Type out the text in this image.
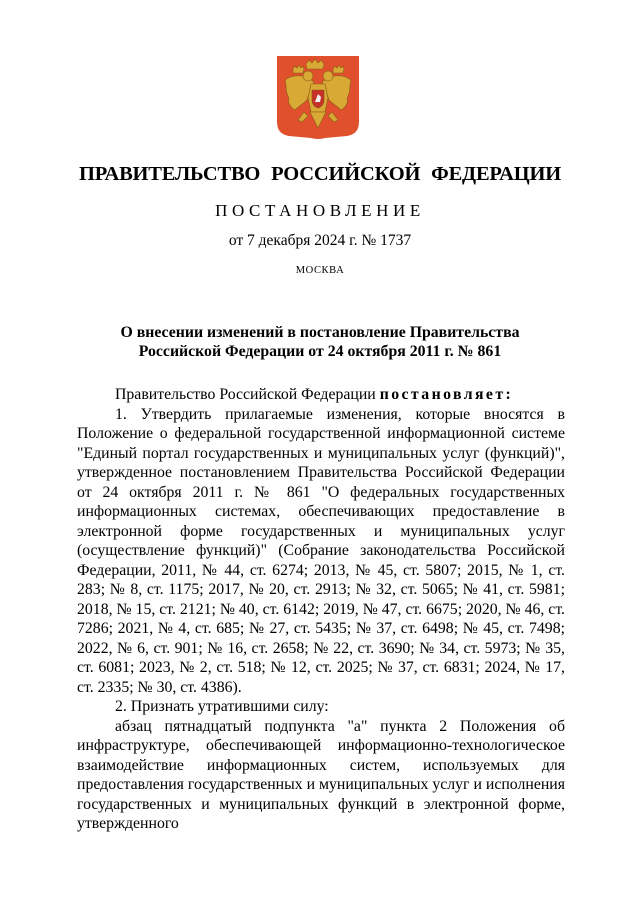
ПРАВИТЕЛЬСТВО РОССИЙСКОЙ ФЕДЕРАЦИИ
ПОСТАНОВЛЕНИЕ
от 7 декабря 2024 г. № 1737
МОСКВА
О внесении изменений в постановление Правительства
Российской Федерации от 24 октября 2011 г. № 861

Правительство Российской Федерации постановляет:

1. Утвердить прилагаемые изменения, которые вносятся в Положение о федеральной государственной информационной системе "Единый портал государственных и муниципальных услуг (функций)", утвержденное постановлением Правительства Российской Федерации от 24 октября 2011 г. № 861 "О федеральных государственных информационных системах, обеспечивающих предоставление в электронной форме государственных и муниципальных услуг (осуществление функций)" (Собрание законодательства Российской Федерации, 2011, № 44, ст. 6274; 2013, № 45, ст. 5807; 2015, № 1, ст. 283; № 8, ст. 1175; 2017, № 20, ст. 2913; № 32, ст. 5065; № 41, ст. 5981; 2018, № 15, ст. 2121; № 40, ст. 6142; 2019, № 47, ст. 6675; 2020, № 46, ст. 7286; 2021, № 4, ст. 685; № 27, ст. 5435; № 37, ст. 6498; № 45, ст. 7498; 2022, № 6, ст. 901; № 16, ст. 2658; № 22, ст. 3690; № 34, ст. 5973; № 35, ст. 6081; 2023, № 2, ст. 518; № 12, ст. 2025; № 37, ст. 6831; 2024, № 17, ст. 2335; № 30, ст. 4386).

2. Признать утратившими силу:

абзац пятнадцатый подпункта "а" пункта 2 Положения об инфраструктуре, обеспечивающей информационно-технологическое взаимодействие информационных систем, используемых для предоставления государственных и муниципальных услуг и исполнения государственных и муниципальных функций в электронной форме, утвержденного
